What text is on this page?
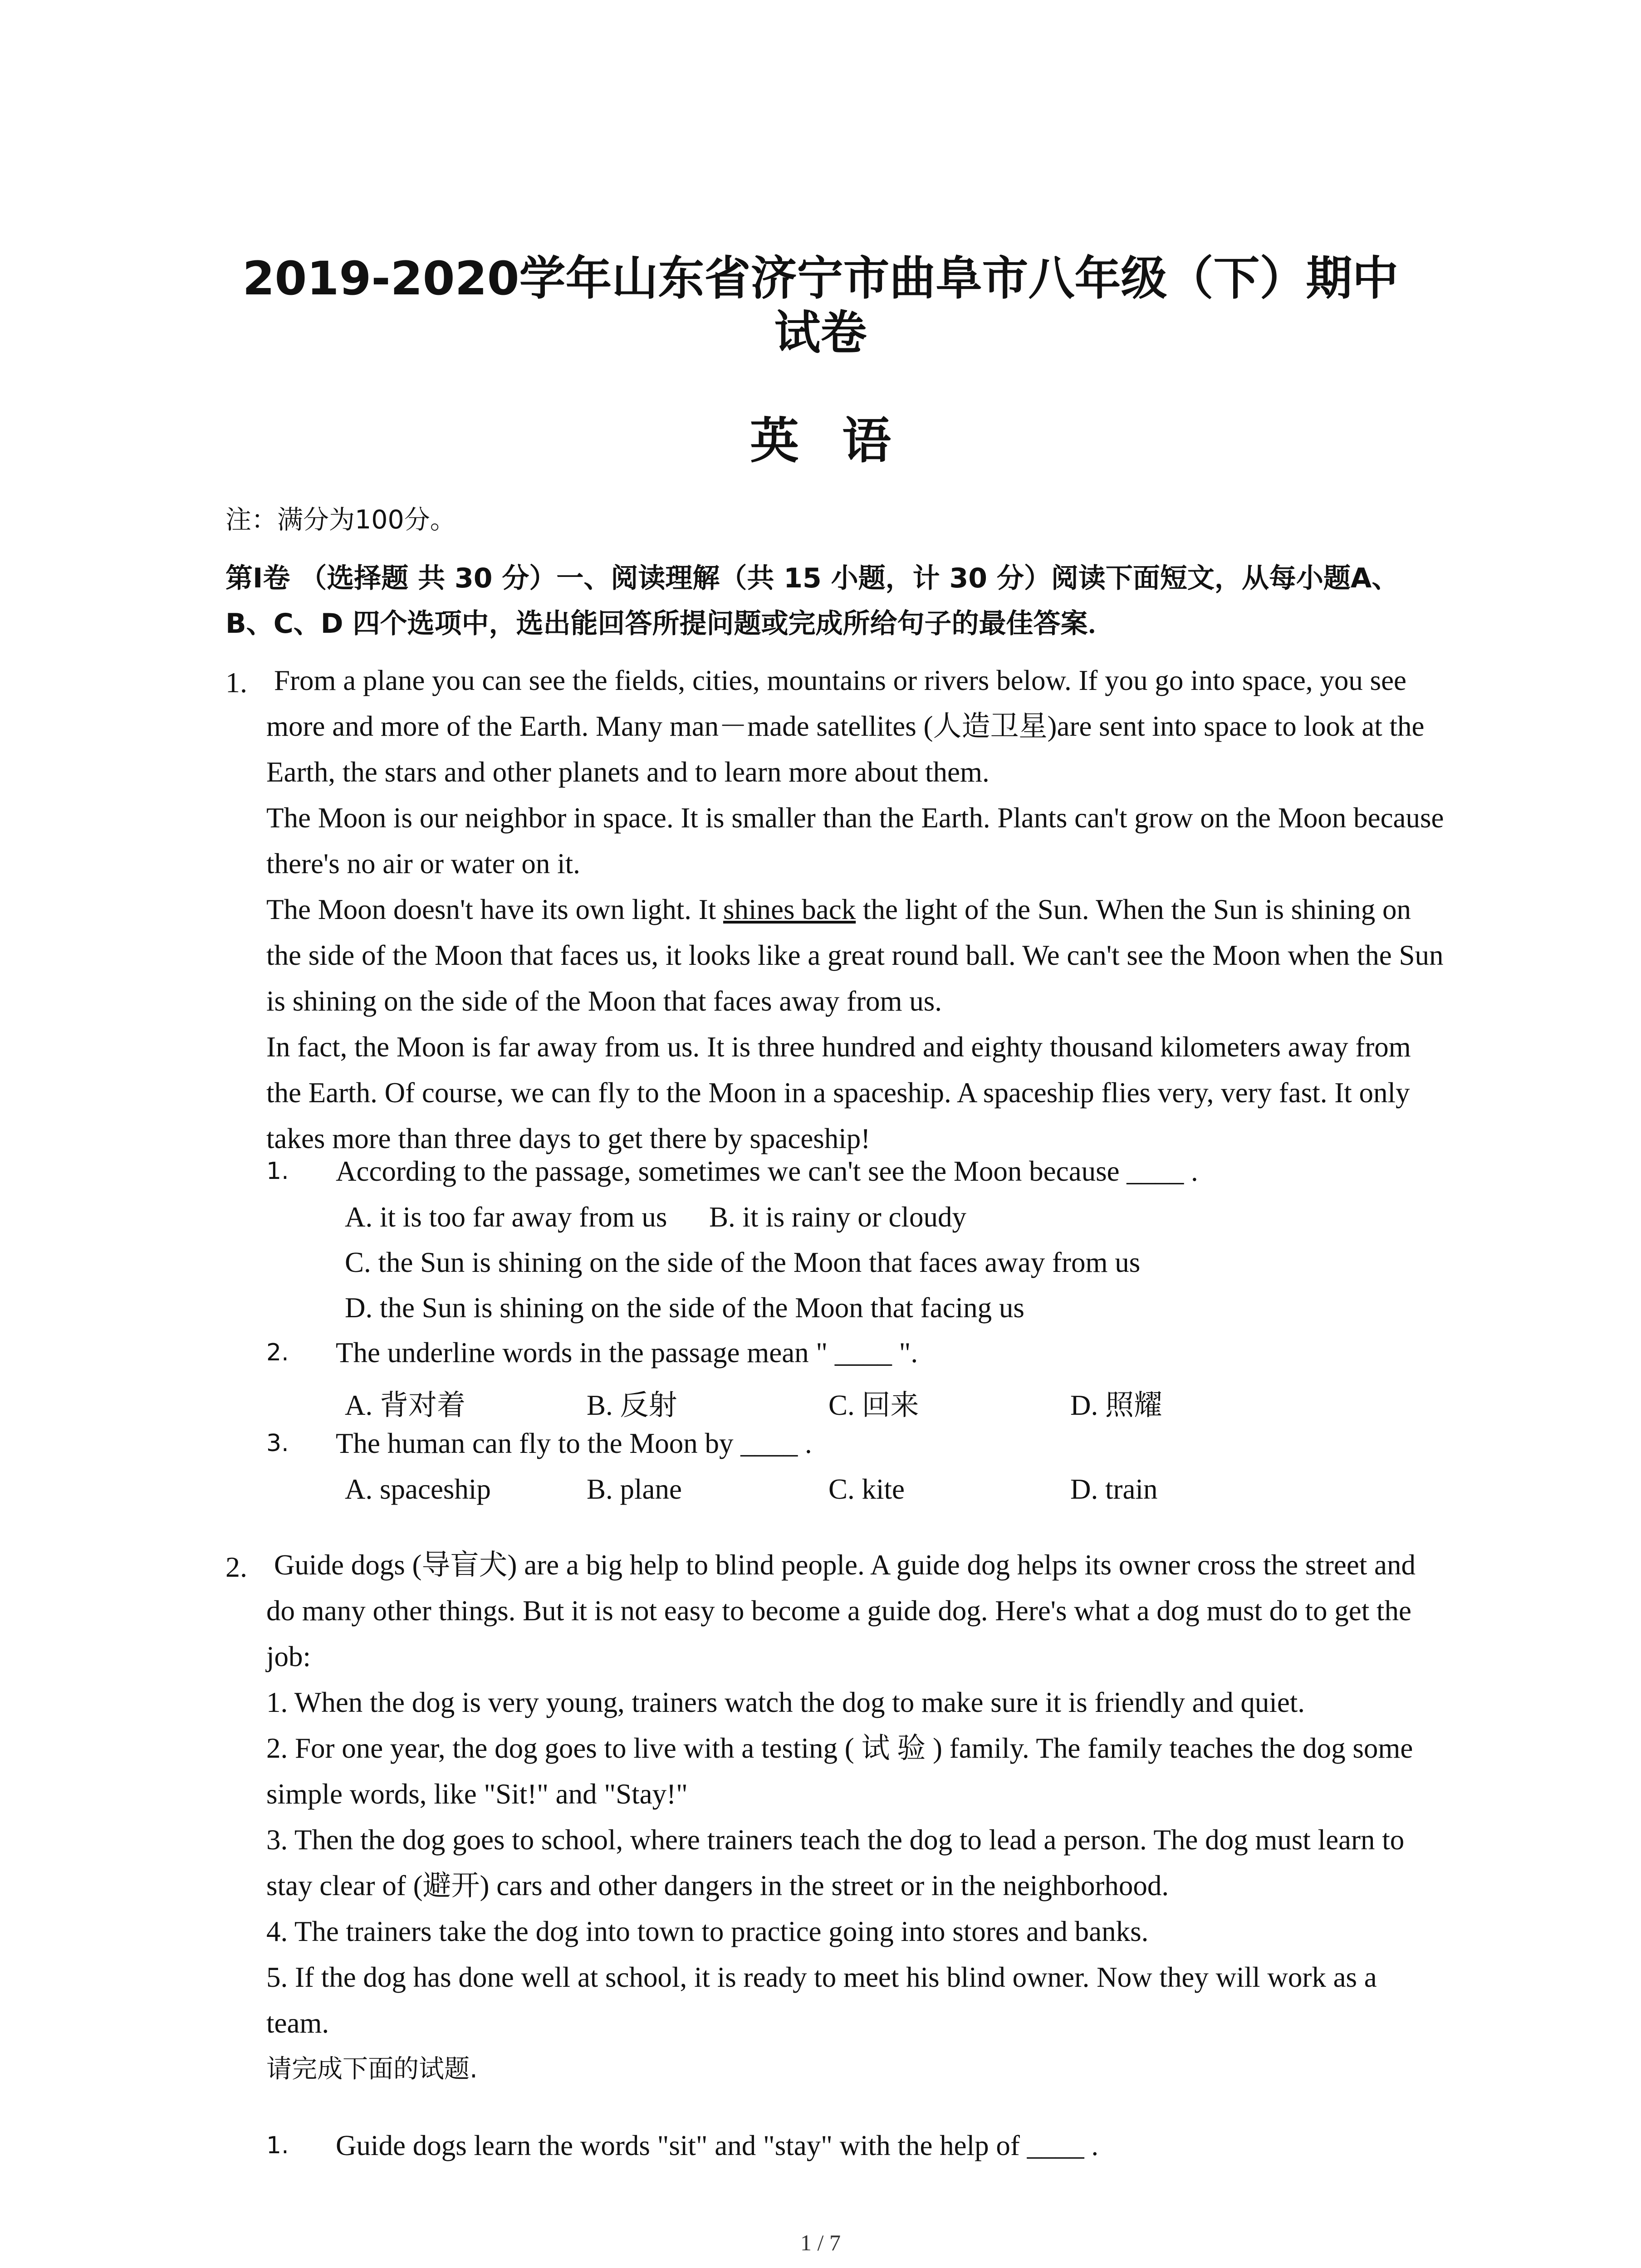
2019-2020学年山东省济宁市曲阜市八年级（下）期中
试卷
英语
注：满分为100分。
第Ⅰ卷 （选择题 共 30 分）一、阅读理解（共 15 小题，计 30 分）阅读下面短文，从每小题A、B、C、D 四个选项中，选出能回答所提问题或完成所给句子的最佳答案．
1. From a plane you can see the fields, cities, mountains or rivers below. If you go into space, you see more and more of the Earth. Many man－made satellites (人造卫星)are sent into space to look at the Earth, the stars and other planets and to learn more about them.

The Moon is our neighbor in space. It is smaller than the Earth. Plants can't grow on the Moon because there's no air or water on it.

The Moon doesn't have its own light. It shines back the light of the Sun. When the Sun is shining on the side of the Moon that faces us, it looks like a great round ball. We can't see the Moon when the Sun is shining on the side of the Moon that faces away from us.

In fact, the Moon is far away from us. It is three hundred and eighty thousand kilometers away from the Earth. Of course, we can fly to the Moon in a spaceship. A spaceship flies very, very fast. It only takes more than three days to get there by spaceship!

1. According to the passage, sometimes we can't see the Moon because ____ .
A. it is too far away from us B. it is rainy or cloudy
C. the Sun is shining on the side of the Moon that faces away from us
D. the Sun is shining on the side of the Moon that facing us
2. The underline words in the passage mean " ____ ".
A. 背对着	B. 反射	C. 回来	D. 照耀
3. The human can fly to the Moon by ____ .
A. spaceship	B. plane	C. kite	D. train
2. Guide dogs (导盲犬) are a big help to blind people. A guide dog helps its owner cross the street and do many other things. But it is not easy to become a guide dog. Here's what a dog must do to get the job:

1. When the dog is very young, trainers watch the dog to make sure it is friendly and quiet.

2. For one year, the dog goes to live with a testing ( 试 验 ) family. The family teaches the dog some simple words, like "Sit!" and "Stay!"

3. Then the dog goes to school, where trainers teach the dog to lead a person. The dog must learn to stay clear of (避开) cars and other dangers in the street or in the neighborhood.

4. The trainers take the dog into town to practice going into stores and banks.

5. If the dog has done well at school, it is ready to meet his blind owner. Now they will work as a team.

请完成下面的试题.

1. Guide dogs learn the words "sit" and "stay" with the help of ____ .
1 / 7
